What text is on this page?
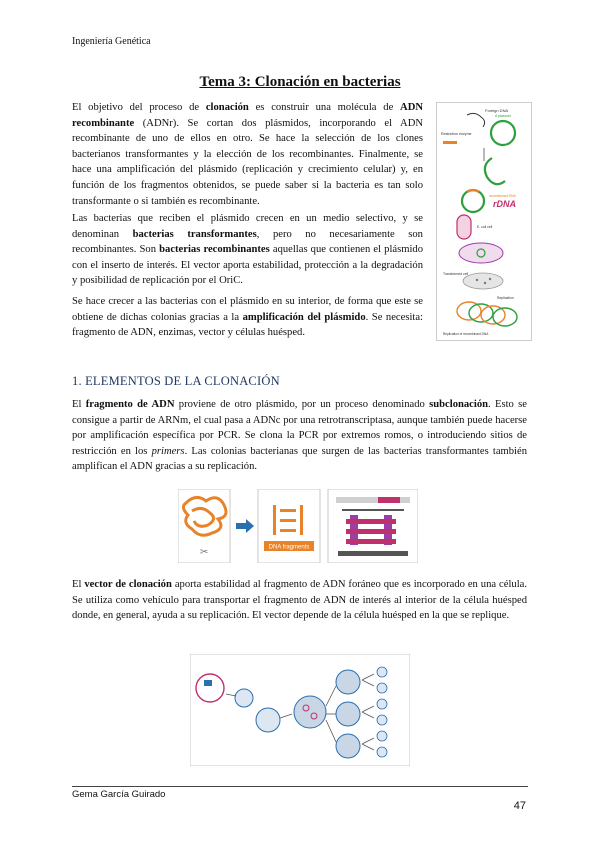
Ingeniería Genética
Tema 3: Clonación en bacterias

El objetivo del proceso de clonación es construir una molécula de ADN recombinante (ADNr). Se cortan dos plásmidos, incorporando el ADN recombinante de uno de ellos en otro. Se hace la selección de los clones bacterianos transformantes y la elección de los recombinantes. Finalmente, se hace una amplificación del plásmido (replicación y crecimiento celular) y, en función de los fragmentos obtenidos, se puede saber si la bacteria es tan solo transformante o si también es recombinante.

Las bacterias que reciben el plásmido crecen en un medio selectivo, y se denominan bacterias transformantes, pero no necesariamente son recombinantes. Son bacterias recombinantes aquellas que contienen el plásmido con el inserto de interés. El vector aporta estabilidad, protección a la degradación y posibilidad de replicación por el OriC.

Se hace crecer a las bacterias con el plásmido en su interior, de forma que este se obtiene de dichas colonias gracias a la amplificación del plásmido. Se necesita: fragmento de ADN, enzimas, vector y células huésped.

Foreign DNA
Restriction enzyme
A plasmid
recombinant DNA
rDNA
E. coli cell
Transformed cell
Replication
Replication of recombinant DNA
1. ELEMENTOS DE LA CLONACIÓN

El fragmento de ADN proviene de otro plásmido, por un proceso denominado subclonación. Esto se consigue a partir de ARNm, el cual pasa a ADNc por una retrotranscriptasa, aunque también puede hacerse por amplificación específica por PCR. Se clona la PCR por extremos romos, o introduciendo sitios de restricción en los primers. Las colonias bacterianas que surgen de las bacterias transformantes también amplifican el ADN gracias a su replicación.

✂	DNA fragments

El vector de clonación aporta estabilidad al fragmento de ADN foráneo que es incorporado en una célula. Se utiliza como vehículo para transportar el fragmento de ADN de interés al interior de la célula huésped donde, en general, ayuda a su replicación. El vector depende de la célula huésped en la que se replique.

Gema García Guirado
47
